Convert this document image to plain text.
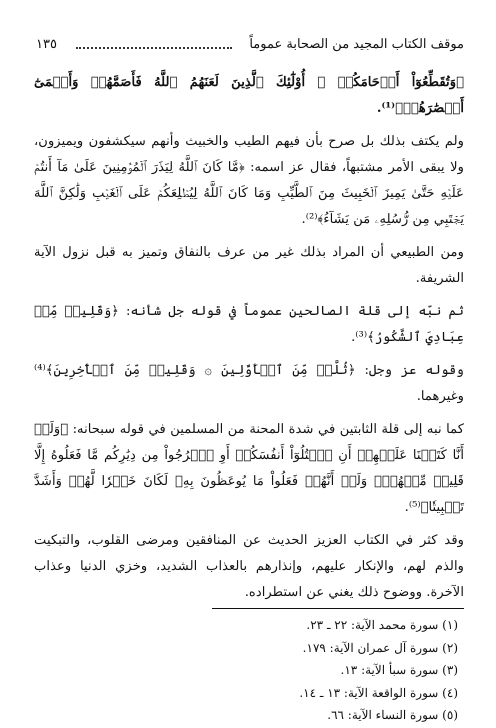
موقف الكتاب المجيد من الصحابة عموماً
١٣٥

﴿وَتُقَطِّعُوٓاْ أَرۡحَامَكُمۡ ۞ أُوْلَٰٓئِكَ ٱلَّذِينَ لَعَنَهُمُ ٱللَّهُ فَأَصَمَّهُمۡ وَأَعۡمَىٰٓ أَبۡصَٰرَهُمۡ﴾⁽¹⁾.

ولم يكتف بذلك بل صرح بأن فيهم الطيب والخبيث وأنهم سيكشفون ويميزون، ولا يبقى الأمر مشتبهاً، فقال عز اسمه: ﴿مَّا كَانَ ٱللَّهُ لِيَذَرَ ٱلۡمُؤۡمِنِينَ عَلَىٰ مَآ أَنتُمۡ عَلَيۡهِ حَتَّىٰ يَمِيزَ ٱلۡخَبِيثَ مِنَ ٱلطَّيِّبِ وَمَا كَانَ ٱللَّهُ لِيُطۡلِعَكُمۡ عَلَى ٱلۡغَيۡبِ وَلَٰكِنَّ ٱللَّهَ يَجۡتَبِي مِن رُّسُلِهِۦ مَن يَشَآءُ﴾⁽²⁾.

ومن الطبيعي أن المراد بذلك غير من عرف بالنفاق وتميز به قبل نزول الآية الشريفة.

ثم نبّه إلى قلة الصالحين عموماً في قوله جل شأنه: ﴿وَقَلِيلٞ مِّنۡ عِبَادِيَ ٱلشَّكُورُ﴾⁽³⁾.

وقوله عز وجل: ﴿ثُلَّةٞ مِّنَ ٱلۡأَوَّلِينَ ۞ وَقَلِيلٞ مِّنَ ٱلۡأٓخِرِينَ﴾⁽⁴⁾ وغيرهما.

كما نبه إلى قلة الثابتين في شدة المحنة من المسلمين في قوله سبحانه: ﴿وَلَوۡ أَنَّا كَتَبۡنَا عَلَيۡهِمۡ أَنِ ٱقۡتُلُوٓاْ أَنفُسَكُمۡ أَوِ ٱخۡرُجُواْ مِن دِيَٰرِكُم مَّا فَعَلُوهُ إِلَّا قَلِيلٞ مِّنۡهُمۡۖ وَلَوۡ أَنَّهُمۡ فَعَلُواْ مَا يُوعَظُونَ بِهِۦ لَكَانَ خَيۡرٗا لَّهُمۡ وَأَشَدَّ تَثۡبِيتٗا﴾⁽⁵⁾.

وقد كثر في الكتاب العزيز الحديث عن المنافقين ومرضى القلوب، والتبكيت والذم لهم، والإنكار عليهم، وإنذارهم بالعذاب الشديد، وخزي الدنيا وعذاب الآخرة. ووضوح ذلك يغني عن استطراده.

(١) سورة محمد الآية: ٢٢ ـ ٢٣.

(٢) سورة آل عمران الآية: ١٧٩.

(٣) سورة سبأ الآية: ١٣.

(٤) سورة الواقعة الآية: ١٣ ـ ١٤.

(٥) سورة النساء الآية: ٦٦.
